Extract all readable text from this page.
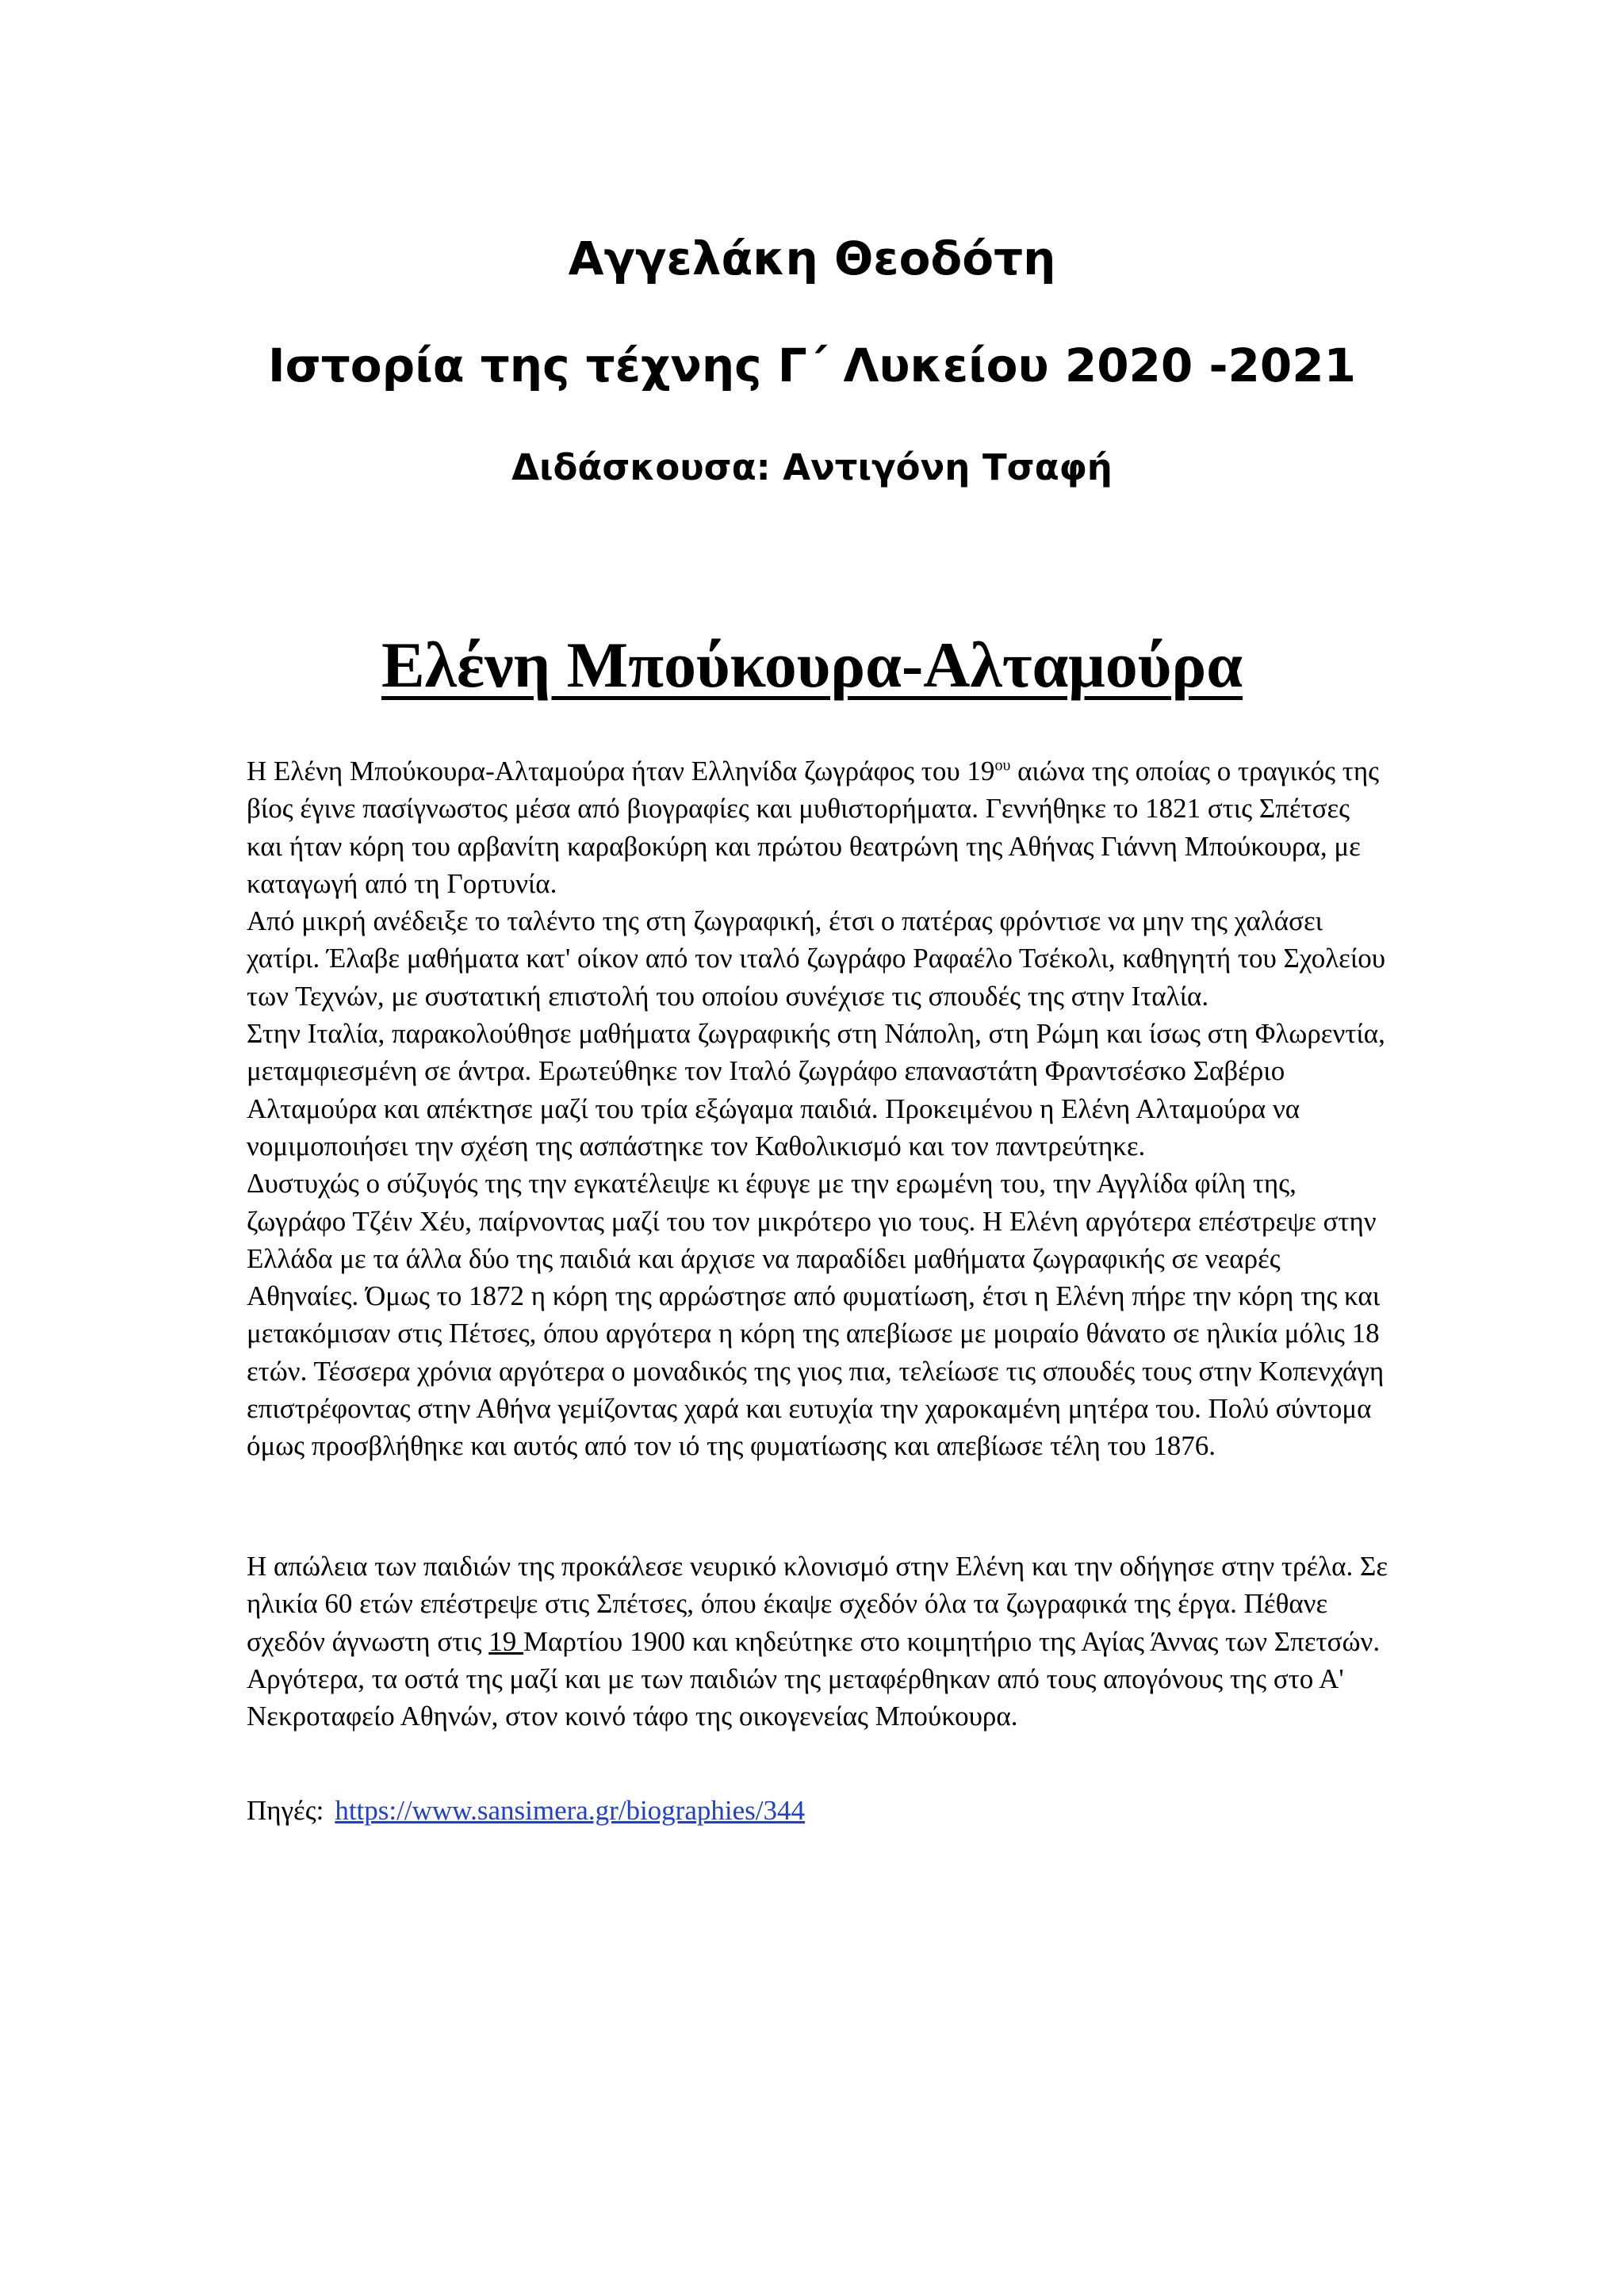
Αγγελάκη Θεοδότη
Ιστορία της τέχνης Γ΄ Λυκείου 2020 -2021
Διδάσκουσα: Αντιγόνη Τσαφή
Ελένη Μπούκουρα-Αλταμούρα

Η Ελένη Μπούκουρα-Αλταμούρα ήταν Ελληνίδα ζωγράφος του $19^{o\upsilon}$ αιώνα της οποίας ο τραγικός της βίος έγινε πασίγνωστος μέσα από βιογραφίες και μυθιστορήματα. Γεννήθηκε το 1821 στις Σπέτσες και ήταν κόρη του αρβανίτη καραβοκύρη και πρώτου θεατρώνη της Αθήνας Γιάννη Μπούκουρα, με καταγωγή από τη Γορτυνία.

Από μικρή ανέδειξε το ταλέντο της στη ζωγραφική, έτσι ο πατέρας φρόντισε να μην της χαλάσει χατίρι. Έλαβε μαθήματα κατ' οίκον από τον ιταλό ζωγράφο Ραφαέλο Τσέκολι, καθηγητή του Σχολείου των Τεχνών, με συστατική επιστολή του οποίου συνέχισε τις σπουδές της στην Ιταλία.

Στην Ιταλία, παρακολούθησε μαθήματα ζωγραφικής στη Νάπολη, στη Ρώμη και ίσως στη Φλωρεντία, μεταμφιεσμένη σε άντρα. Ερωτεύθηκε τον Ιταλό ζωγράφο επαναστάτη Φραντσέσκο Σαβέριο Αλταμούρα και απέκτησε μαζί του τρία εξώγαμα παιδιά. Προκειμένου η Ελένη Αλταμούρα να νομιμοποιήσει την σχέση της ασπάστηκε τον Καθολικισμό και τον παντρεύτηκε.

Δυστυχώς ο σύζυγός της την εγκατέλειψε κι έφυγε με την ερωμένη του, την Αγγλίδα φίλη της, ζωγράφο Τζέιν Χέυ, παίρνοντας μαζί του τον μικρότερο γιο τους. Η Ελένη αργότερα επέστρεψε στην Ελλάδα με τα άλλα δύο της παιδιά και άρχισε να παραδίδει μαθήματα ζωγραφικής σε νεαρές Αθηναίες. Όμως το 1872 η κόρη της αρρώστησε από φυματίωση, έτσι η Ελένη πήρε την κόρη της και μετακόμισαν στις Πέτσες, όπου αργότερα η κόρη της απεβίωσε με μοιραίο θάνατο σε ηλικία μόλις 18 ετών. Τέσσερα χρόνια αργότερα ο μοναδικός της γιος πια, τελείωσε τις σπουδές τους στην Κοπενχάγη επιστρέφοντας στην Αθήνα γεμίζοντας χαρά και ευτυχία την χαροκαμένη μητέρα του. Πολύ σύντομα όμως προσβλήθηκε και αυτός από τον ιό της φυματίωσης και απεβίωσε τέλη του 1876.

Η απώλεια των παιδιών της προκάλεσε νευρικό κλονισμό στην Ελένη και την οδήγησε στην τρέλα. Σε ηλικία 60 ετών επέστρεψε στις Σπέτσες, όπου έκαψε σχεδόν όλα τα ζωγραφικά της έργα. Πέθανε σχεδόν άγνωστη στις 19 Μαρτίου 1900 και κηδεύτηκε στο κοιμητήριο της Αγίας Άννας των Σπετσών. Αργότερα, τα οστά της μαζί και με των παιδιών της μεταφέρθηκαν από τους απογόνους της στο Α' Νεκροταφείο Αθηνών, στον κοινό τάφο της οικογενείας Μπούκουρα.

Πηγές: https://www.sansimera.gr/biographies/344
